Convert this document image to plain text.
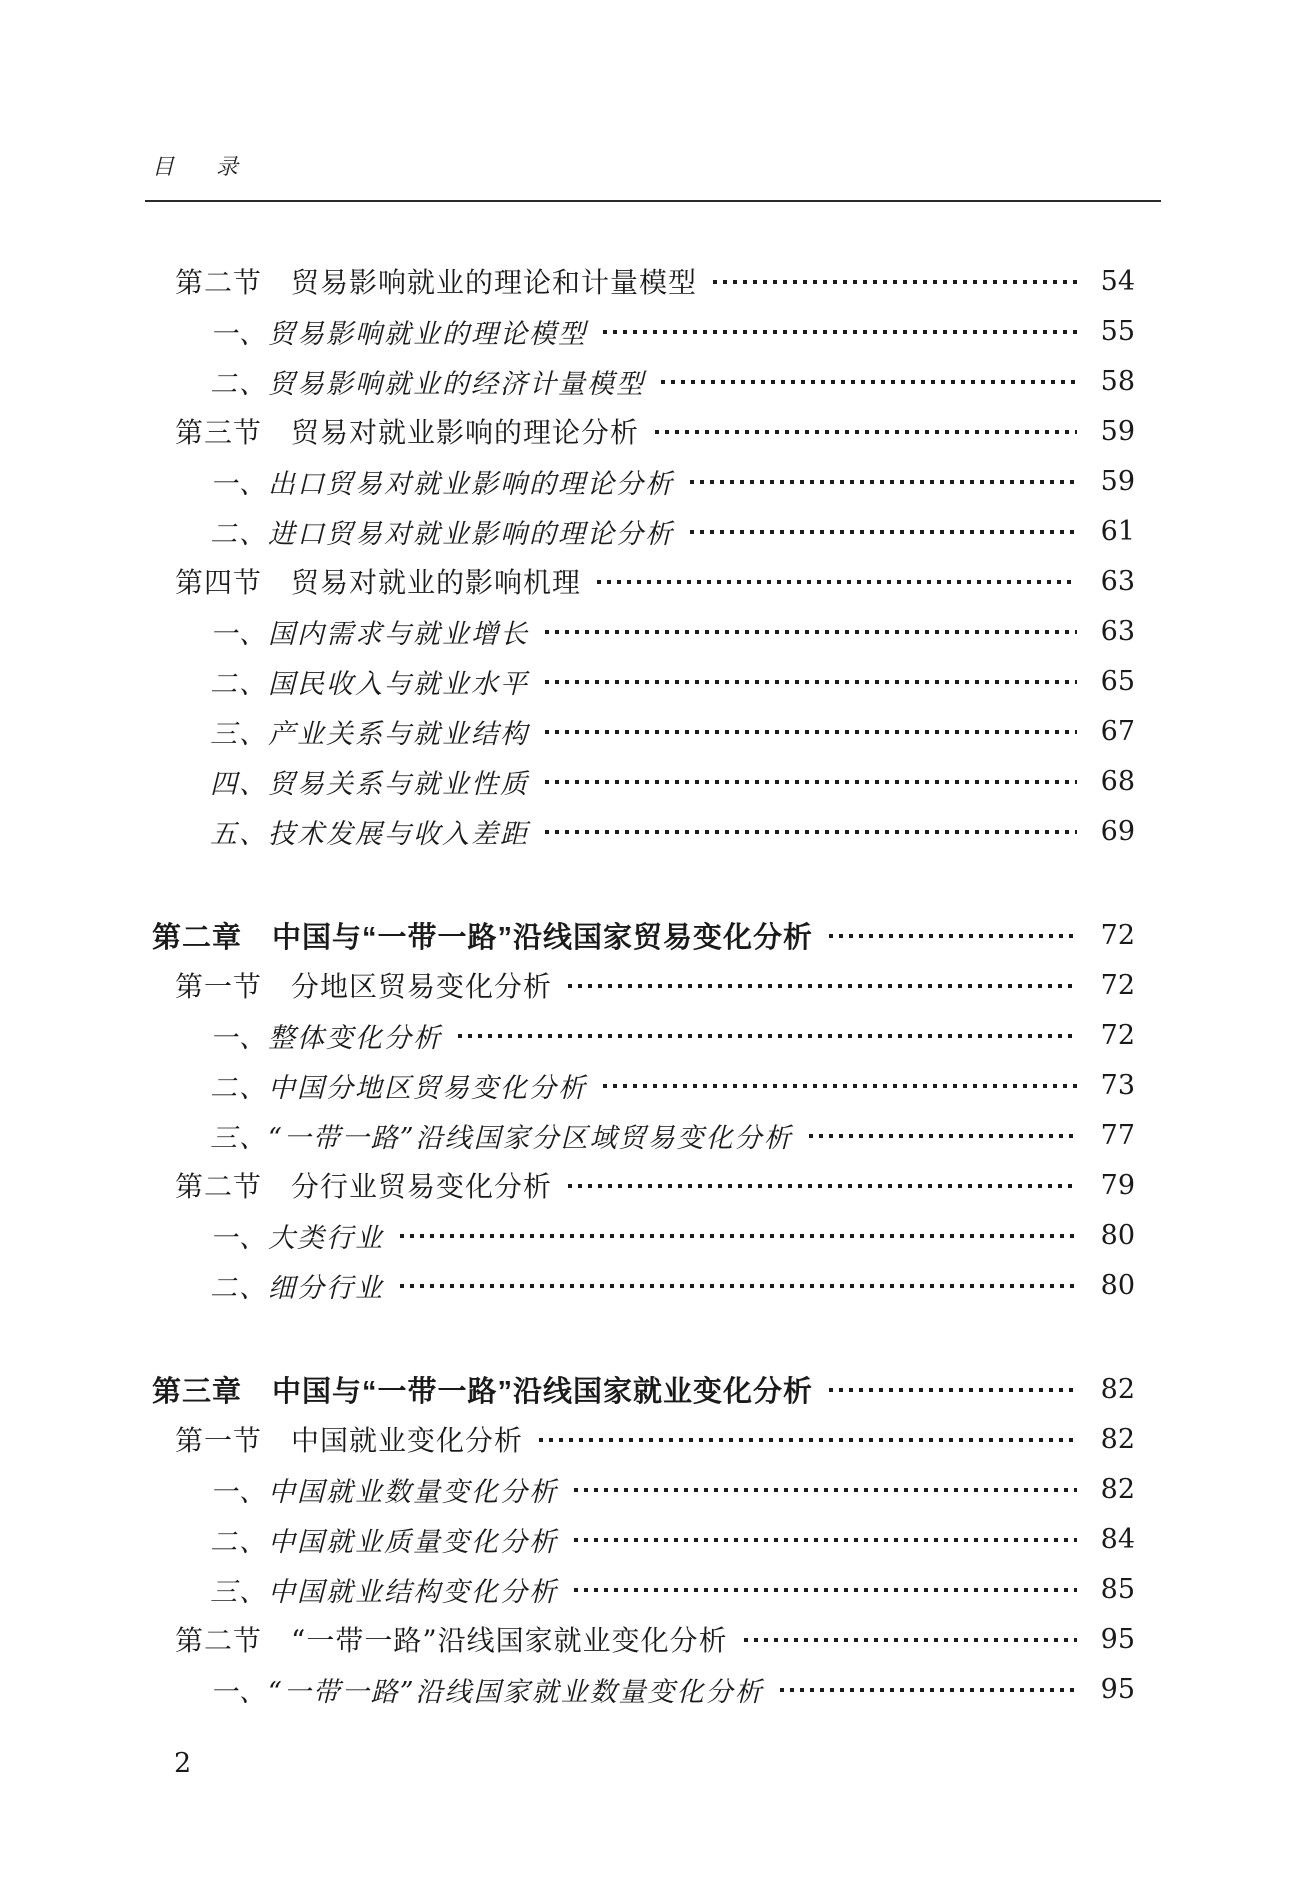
目　录
第二节　贸易影响就业的理论和计量模型	54
一、贸易影响就业的理论模型	55
二、贸易影响就业的经济计量模型	58
第三节　贸易对就业影响的理论分析	59
一、出口贸易对就业影响的理论分析	59
二、进口贸易对就业影响的理论分析	61
第四节　贸易对就业的影响机理	63
一、国内需求与就业增长	63
二、国民收入与就业水平	65
三、产业关系与就业结构	67
四、贸易关系与就业性质	68
五、技术发展与收入差距	69
第二章　中国与“一带一路”沿线国家贸易变化分析	72
第一节　分地区贸易变化分析	72
一、整体变化分析	72
二、中国分地区贸易变化分析	73
三、“一带一路”沿线国家分区域贸易变化分析	77
第二节　分行业贸易变化分析	79
一、大类行业	80
二、细分行业	80
第三章　中国与“一带一路”沿线国家就业变化分析	82
第一节　中国就业变化分析	82
一、中国就业数量变化分析	82
二、中国就业质量变化分析	84
三、中国就业结构变化分析	85
第二节　“一带一路”沿线国家就业变化分析	95
一、“一带一路”沿线国家就业数量变化分析	95
2
